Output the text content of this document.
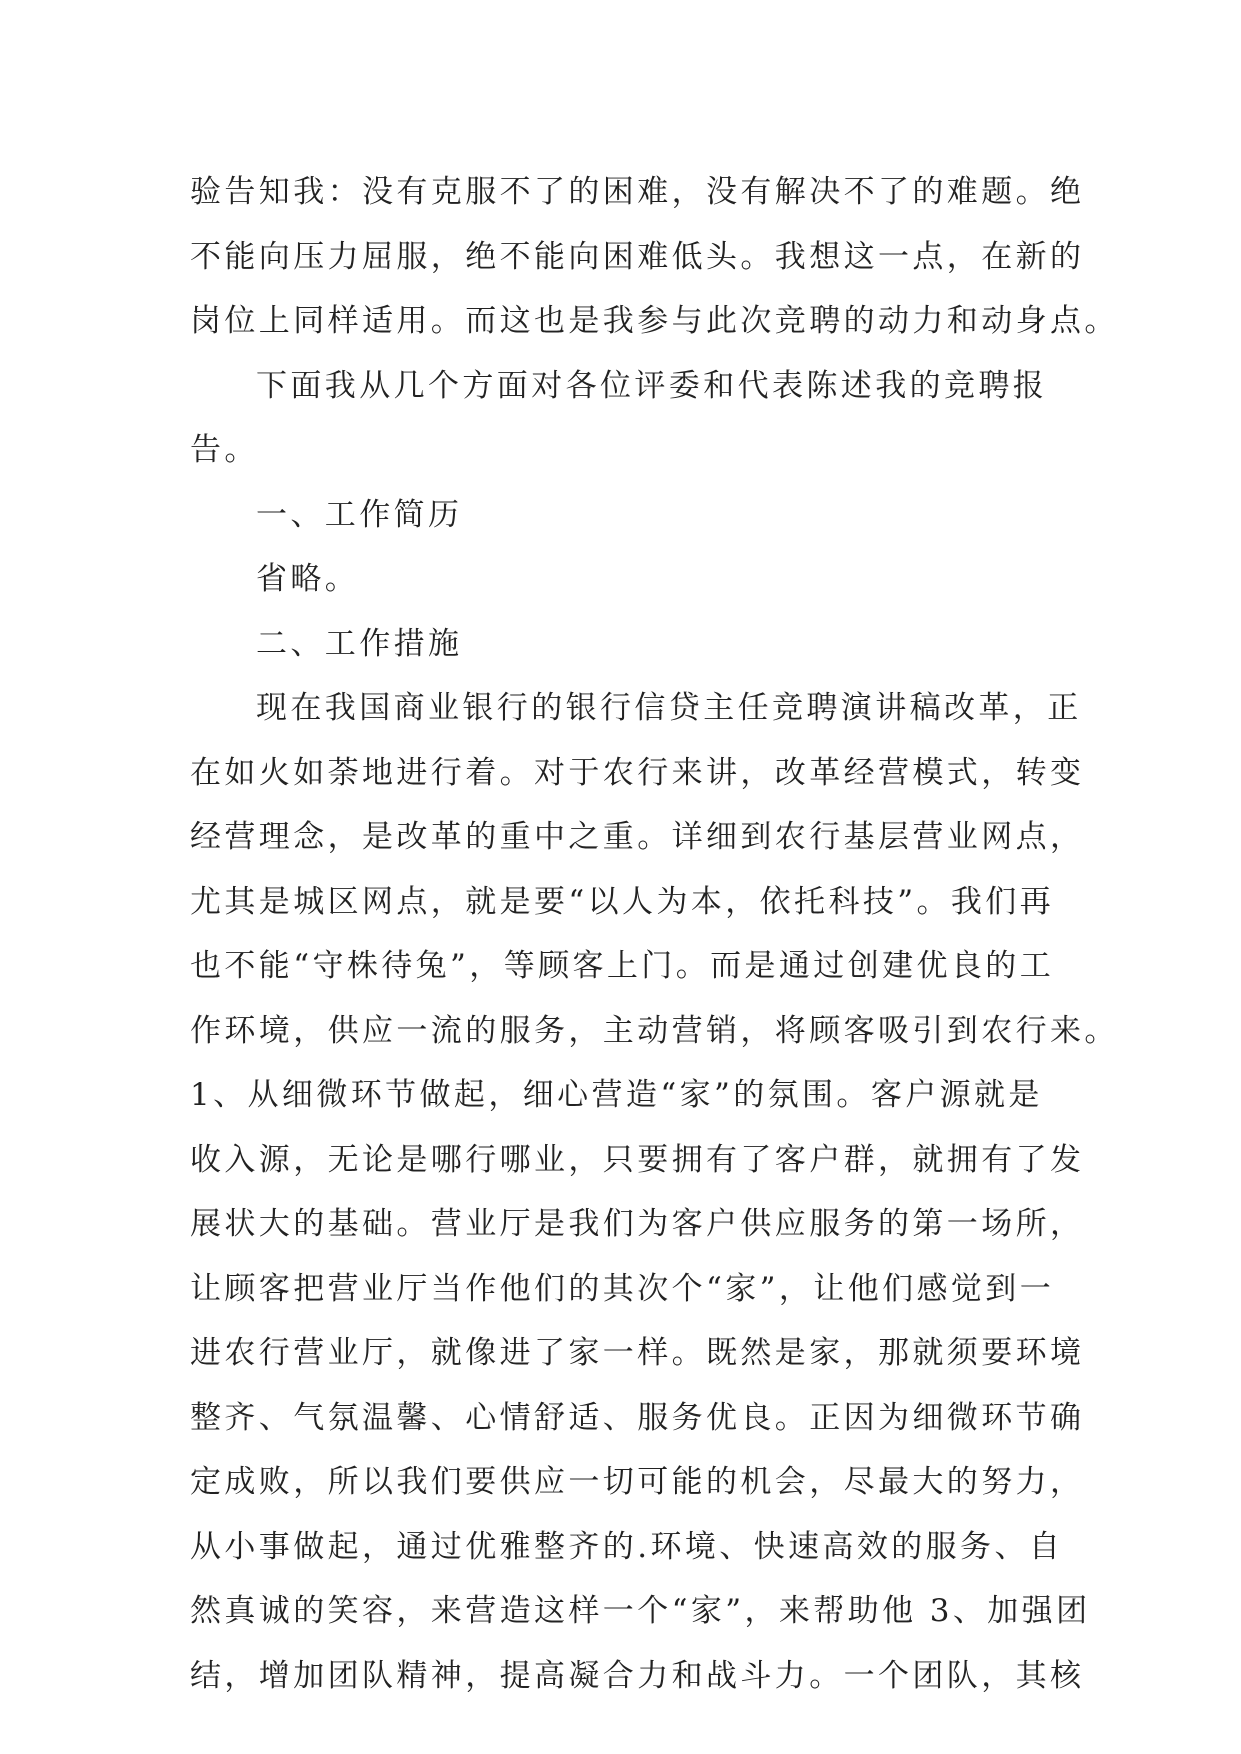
验告知我：没有克服不了的困难，没有解决不了的难题。绝
不能向压力屈服，绝不能向困难低头。我想这一点，在新的
岗位上同样适用。而这也是我参与此次竞聘的动力和动身点。
下面我从几个方面对各位评委和代表陈述我的竞聘报
告。
一、工作简历
省略。
二、工作措施
现在我国商业银行的银行信贷主任竞聘演讲稿改革，正
在如火如荼地进行着。对于农行来讲，改革经营模式，转变
经营理念，是改革的重中之重。详细到农行基层营业网点，
尤其是城区网点，就是要“以人为本，依托科技”。我们再
也不能“守株待兔”，等顾客上门。而是通过创建优良的工
作环境，供应一流的服务，主动营销，将顾客吸引到农行来。
1、从细微环节做起，细心营造“家”的氛围。客户源就是
收入源，无论是哪行哪业，只要拥有了客户群，就拥有了发
展状大的基础。营业厅是我们为客户供应服务的第一场所，
让顾客把营业厅当作他们的其次个“家”，让他们感觉到一
进农行营业厅，就像进了家一样。既然是家，那就须要环境
整齐、气氛温馨、心情舒适、服务优良。正因为细微环节确
定成败，所以我们要供应一切可能的机会，尽最大的努力，
从小事做起，通过优雅整齐的.环境、快速高效的服务、自
然真诚的笑容，来营造这样一个“家”，来帮助他 3、加强团
结，增加团队精神，提高凝合力和战斗力。一个团队，其核
